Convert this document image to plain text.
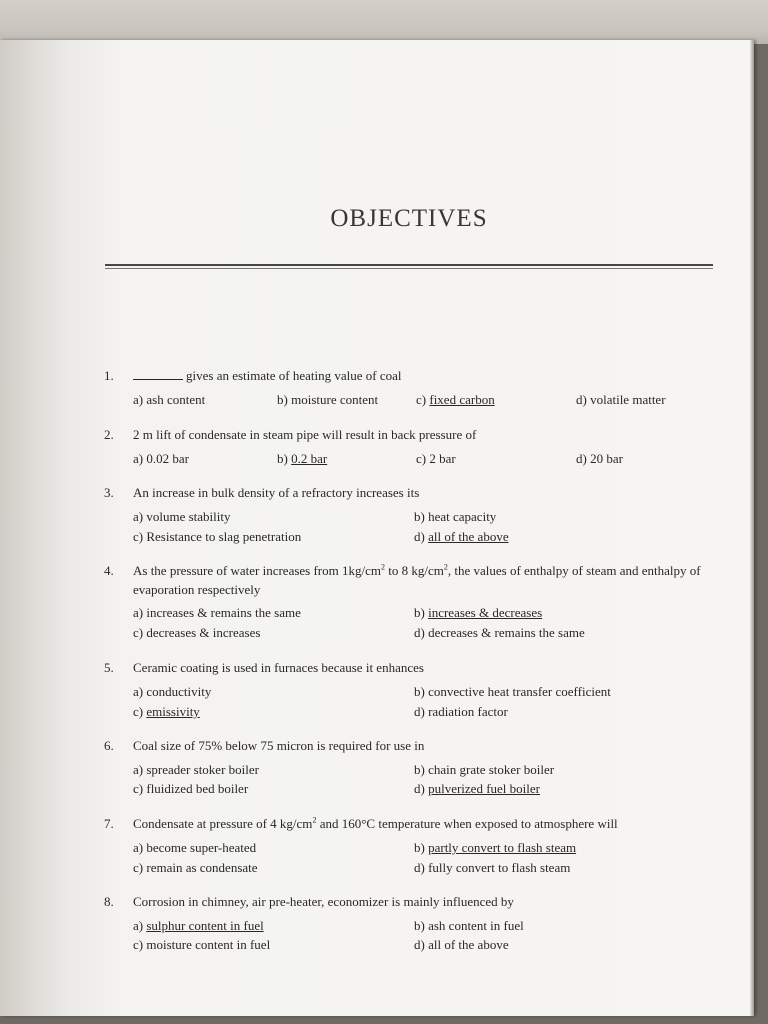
OBJECTIVES
1.	gives an estimate of heating value of coal
a) ash content	b) moisture content	c) fixed carbon	d) volatile matter
2.	2 m lift of condensate in steam pipe will result in back pressure of
a) 0.02 bar	b) 0.2 bar	c) 2 bar	d) 20 bar
3.	An increase in bulk density of a refractory increases its
a) volume stability	b) heat capacity
c) Resistance to slag penetration	d) all of the above
4.	As the pressure of water increases from $1kg/cm^2$ to 8 $kg/cm^2$, the values of enthalpy of steam and enthalpy of evaporation respectively
a) increases & remains the same	b) increases & decreases
c) decreases & increases	d) decreases & remains the same
5.	Ceramic coating is used in furnaces because it enhances
a) conductivity	b) convective heat transfer coefficient
c) emissivity	d) radiation factor
6.	Coal size of 75% below 75 micron is required for use in
a) spreader stoker boiler	b) chain grate stoker boiler
c) fluidized bed boiler	d) pulverized fuel boiler
7.	Condensate at pressure of 4 $kg/cm^2$ and 160°C temperature when exposed to atmosphere will
a) become super-heated	b) partly convert to flash steam
c) remain as condensate	d) fully convert to flash steam
8.	Corrosion in chimney, air pre-heater, economizer is mainly influenced by
a) sulphur content in fuel	b) ash content in fuel
c) moisture content in fuel	d) all of the above
